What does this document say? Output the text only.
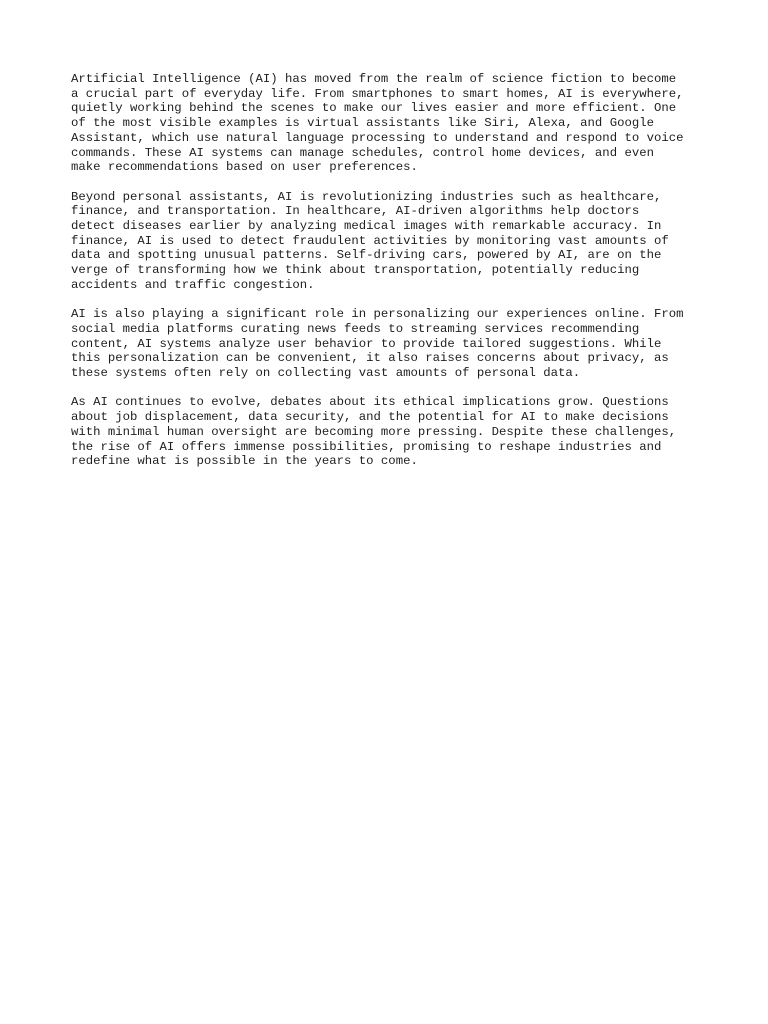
Artificial Intelligence (AI) has moved from the realm of science fiction to become
a crucial part of everyday life. From smartphones to smart homes, AI is everywhere,
quietly working behind the scenes to make our lives easier and more efficient. One
of the most visible examples is virtual assistants like Siri, Alexa, and Google
Assistant, which use natural language processing to understand and respond to voice
commands. These AI systems can manage schedules, control home devices, and even
make recommendations based on user preferences.

Beyond personal assistants, AI is revolutionizing industries such as healthcare,
finance, and transportation. In healthcare, AI-driven algorithms help doctors
detect diseases earlier by analyzing medical images with remarkable accuracy. In
finance, AI is used to detect fraudulent activities by monitoring vast amounts of
data and spotting unusual patterns. Self-driving cars, powered by AI, are on the
verge of transforming how we think about transportation, potentially reducing
accidents and traffic congestion.

AI is also playing a significant role in personalizing our experiences online. From
social media platforms curating news feeds to streaming services recommending
content, AI systems analyze user behavior to provide tailored suggestions. While
this personalization can be convenient, it also raises concerns about privacy, as
these systems often rely on collecting vast amounts of personal data.

As AI continues to evolve, debates about its ethical implications grow. Questions
about job displacement, data security, and the potential for AI to make decisions
with minimal human oversight are becoming more pressing. Despite these challenges,
the rise of AI offers immense possibilities, promising to reshape industries and
redefine what is possible in the years to come.
